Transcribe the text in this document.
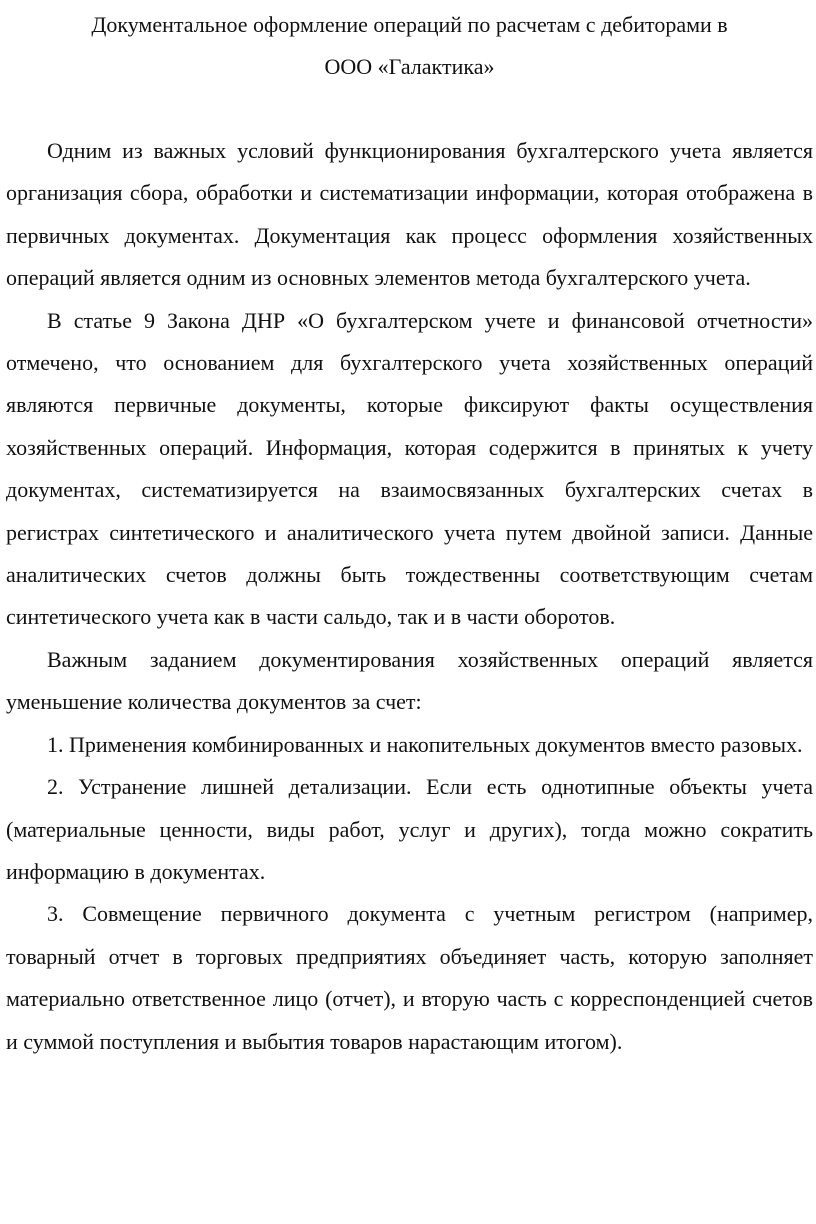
Документальное оформление операций по расчетам с дебиторами в
ООО «Галактика»

Одним из важных условий функционирования бухгалтерского учета является организация сбора, обработки и систематизации информации, которая отображена в первичных документах. Документация как процесс оформления хозяйственных операций является одним из основных элементов метода бухгалтерского учета.

В статье 9 Закона ДНР «О бухгалтерском учете и финансовой отчетности» отмечено, что основанием для бухгалтерского учета хозяйственных операций являются первичные документы, которые фиксируют факты осуществления хозяйственных операций. Информация, которая содержится в принятых к учету документах, систематизируется на взаимосвязанных бухгалтерских счетах в регистрах синтетического и аналитического учета путем двойной записи. Данные аналитических счетов должны быть тождественны соответствующим счетам синтетического учета как в части сальдо, так и в части оборотов.

Важным заданием документирования хозяйственных операций является уменьшение количества документов за счет:

1. Применения комбинированных и накопительных документов вместо разовых.

2. Устранение лишней детализации. Если есть однотипные объекты учета (материальные ценности, виды работ, услуг и других), тогда можно сократить информацию в документах.

3. Совмещение первичного документа с учетным регистром (например, товарный отчет в торговых предприятиях объединяет часть, которую заполняет материально ответственное лицо (отчет), и вторую часть с корреспонденцией счетов и суммой поступления и выбытия товаров нарастающим итогом).
